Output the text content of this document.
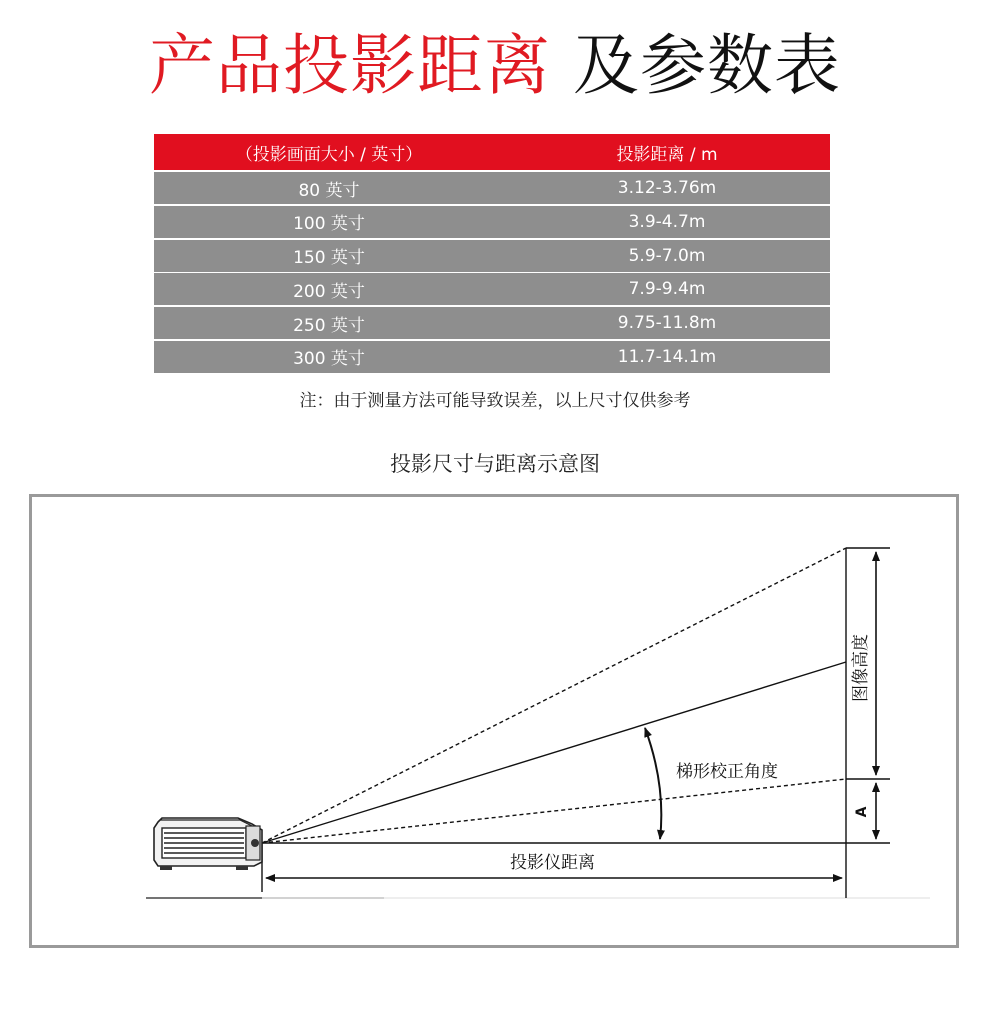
产品投影距离 及参数表
（投影画面大小 / 英寸）	投影距离 / m
80 英寸	3.12-3.76m
100 英寸	3.9-4.7m
150 英寸	5.9-7.0m
200 英寸	7.9-9.4m
250 英寸	9.75-11.8m
300 英寸	11.7-14.1m
注：由于测量方法可能导致误差，以上尺寸仅供参考
投影尺寸与距离示意图
图像高度
梯形校正角度
A
投影仪距离
